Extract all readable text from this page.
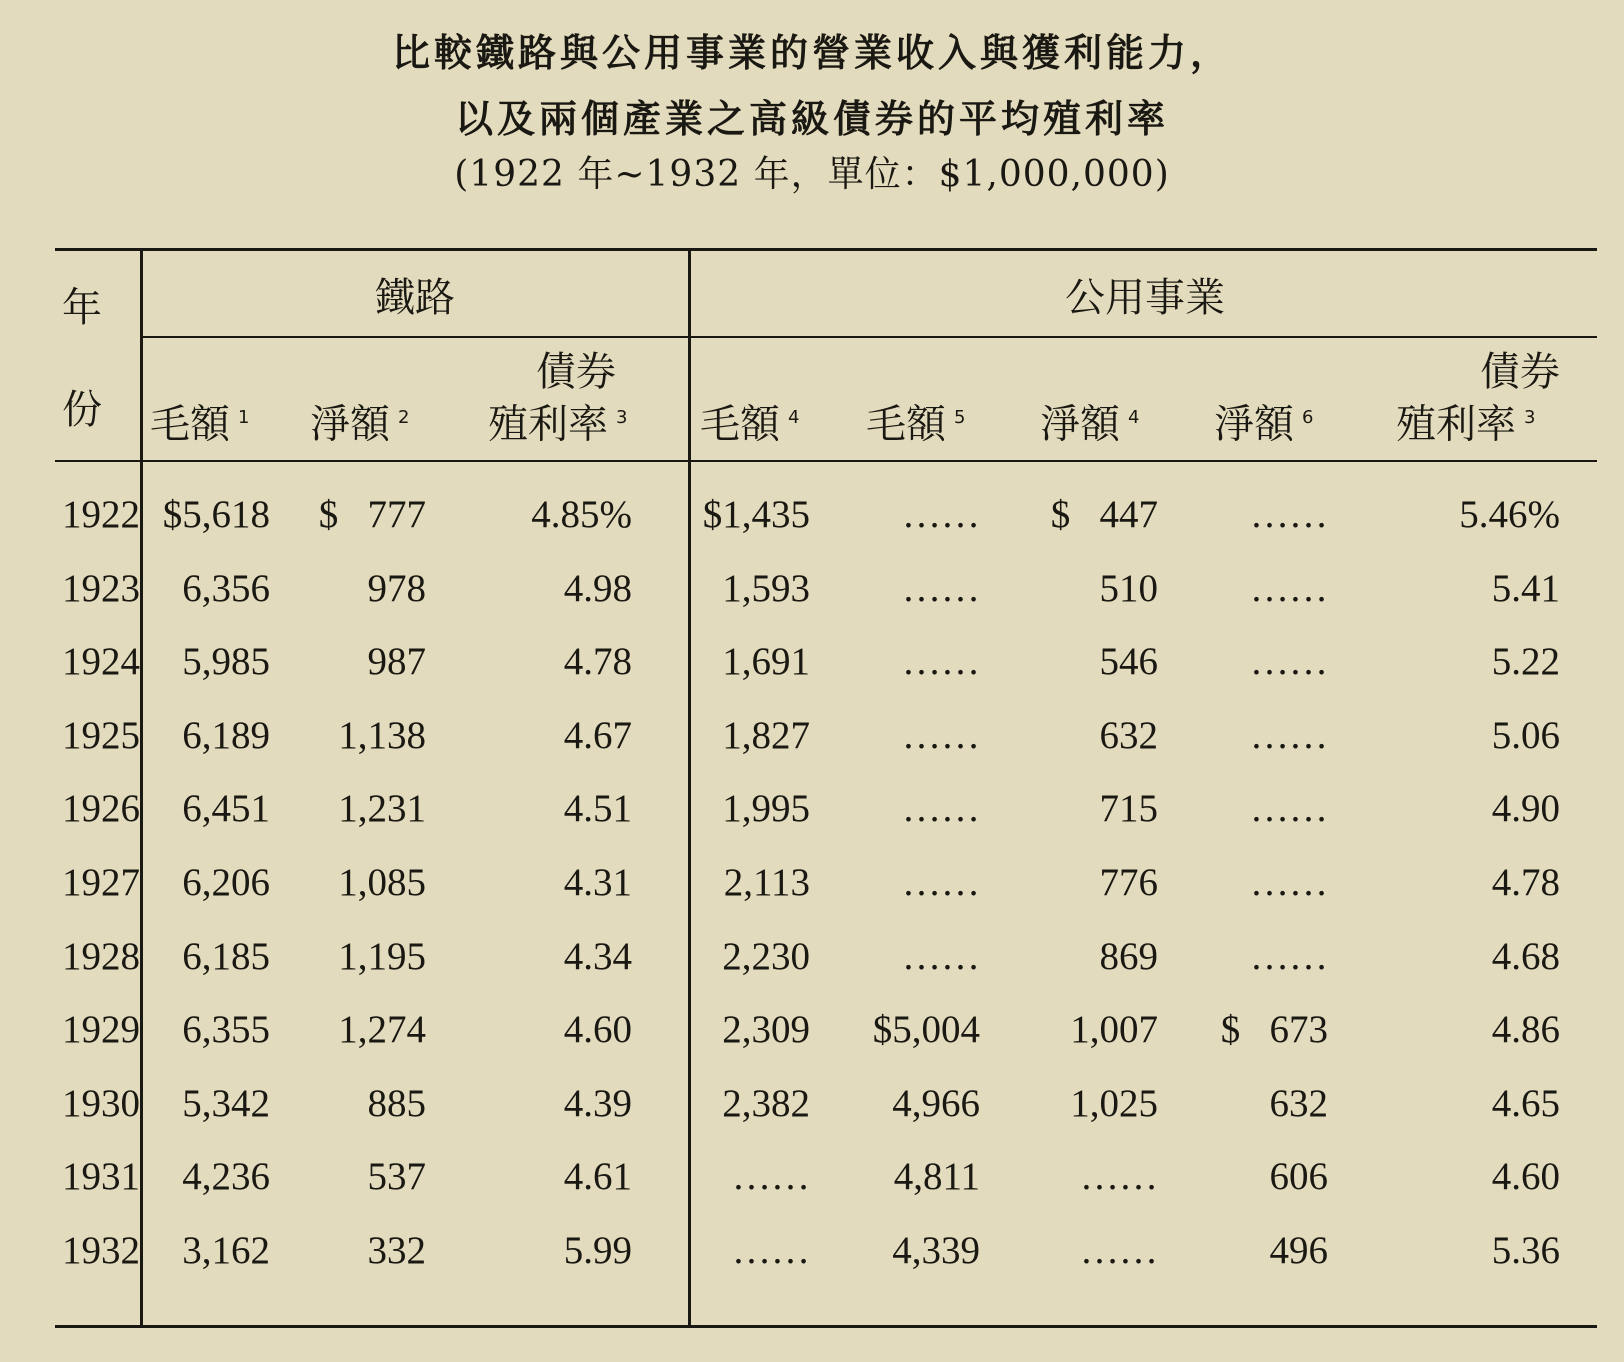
比較鐵路與公用事業的營業收入與獲利能力，
以及兩個產業之高級債券的平均殖利率
(1922 年~1932 年，單位：$1,000,000)
年
份
鐵路	公用事業
債券	債券
毛額 $^1$ 淨額 $^2$ 殖利率 $^3$ 毛額 $^4$ 毛額 $^5$ 淨額 $^4$ 淨額 $^6$ 殖利率 $^3$
1922 $5,618	$   777	4.85%	$1,435	……	$   447	……	5.46%
1923	6,356	978	4.98	1,593	……	510	……	5.41
1924	5,985	987	4.78	1,691	……	546	……	5.22
1925	6,189	1,138	4.67	1,827	……	632	……	5.06
1926	6,451	1,231	4.51	1,995	……	715	……	4.90
1927	6,206	1,085	4.31	2,113	……	776	……	4.78
1928	6,185	1,195	4.34	2,230	……	869	……	4.68
1929	6,355	1,274	4.60	2,309	$5,004	1,007	$   673	4.86
1930	5,342	885	4.39	2,382	4,966	1,025	632	4.65
1931	4,236	537	4.61	……	4,811	……	606	4.60
1932	3,162	332	5.99	……	4,339	……	496	5.36
